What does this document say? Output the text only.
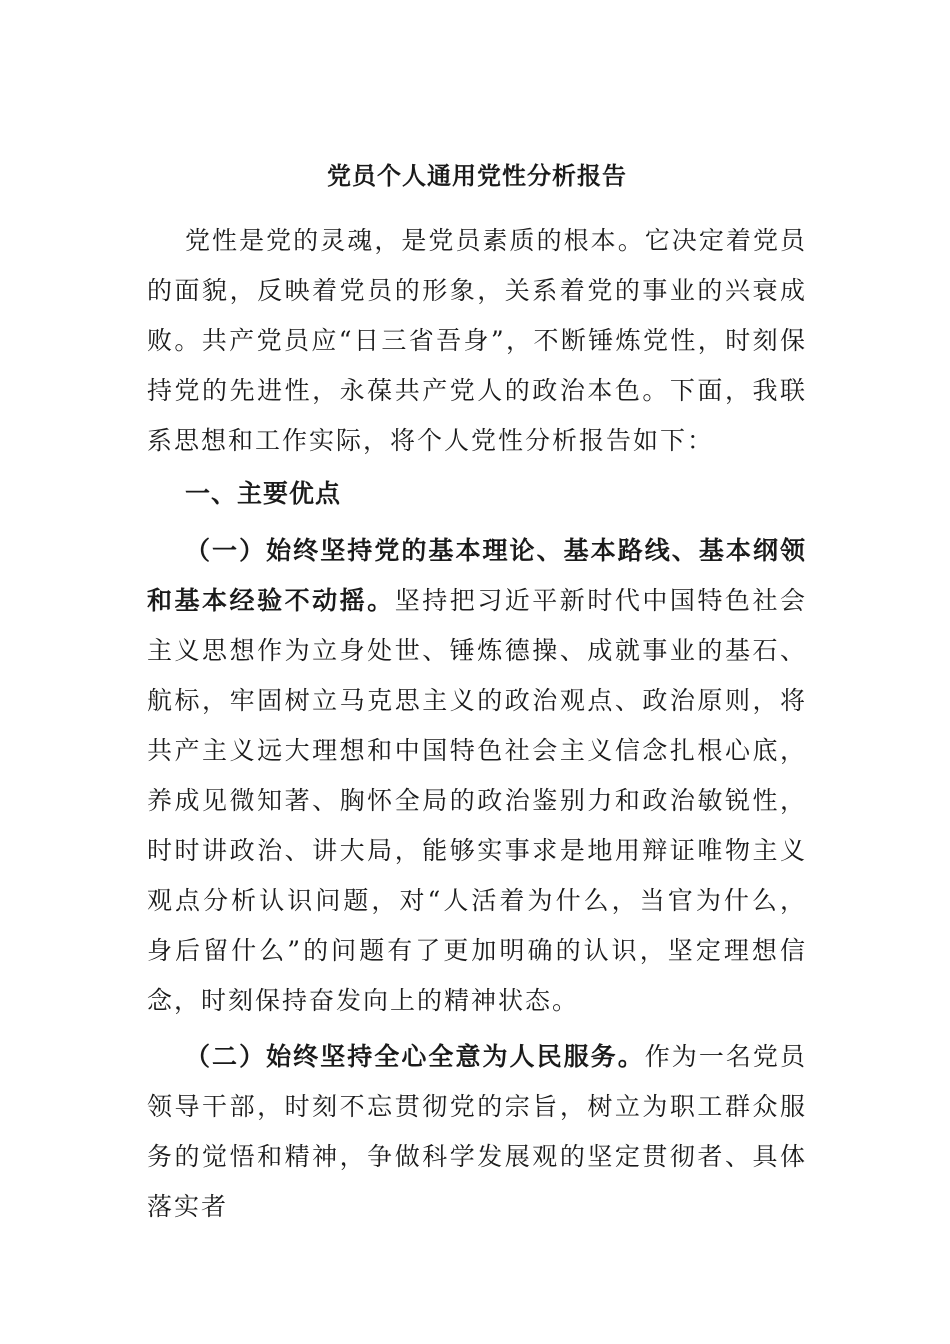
党员个人通用党性分析报告

党性是党的灵魂，是党员素质的根本。它决定着党员的面貌，反映着党员的形象，关系着党的事业的兴衰成败。共产党员应“日三省吾身”，不断锤炼党性，时刻保持党的先进性，永葆共产党人的政治本色。下面，我联系思想和工作实际，将个人党性分析报告如下：

一、主要优点

（一）始终坚持党的基本理论、基本路线、基本纲领和基本经验不动摇。坚持把习近平新时代中国特色社会主义思想作为立身处世、锤炼德操、成就事业的基石、航标，牢固树立马克思主义的政治观点、政治原则，将共产主义远大理想和中国特色社会主义信念扎根心底，养成见微知著、胸怀全局的政治鉴别力和政治敏锐性，时时讲政治、讲大局，能够实事求是地用辩证唯物主义观点分析认识问题，对“人活着为什么，当官为什么，身后留什么”的问题有了更加明确的认识，坚定理想信念，时刻保持奋发向上的精神状态。

（二）始终坚持全心全意为人民服务。作为一名党员领导干部，时刻不忘贯彻党的宗旨，树立为职工群众服务的觉悟和精神，争做科学发展观的坚定贯彻者、具体落实者
